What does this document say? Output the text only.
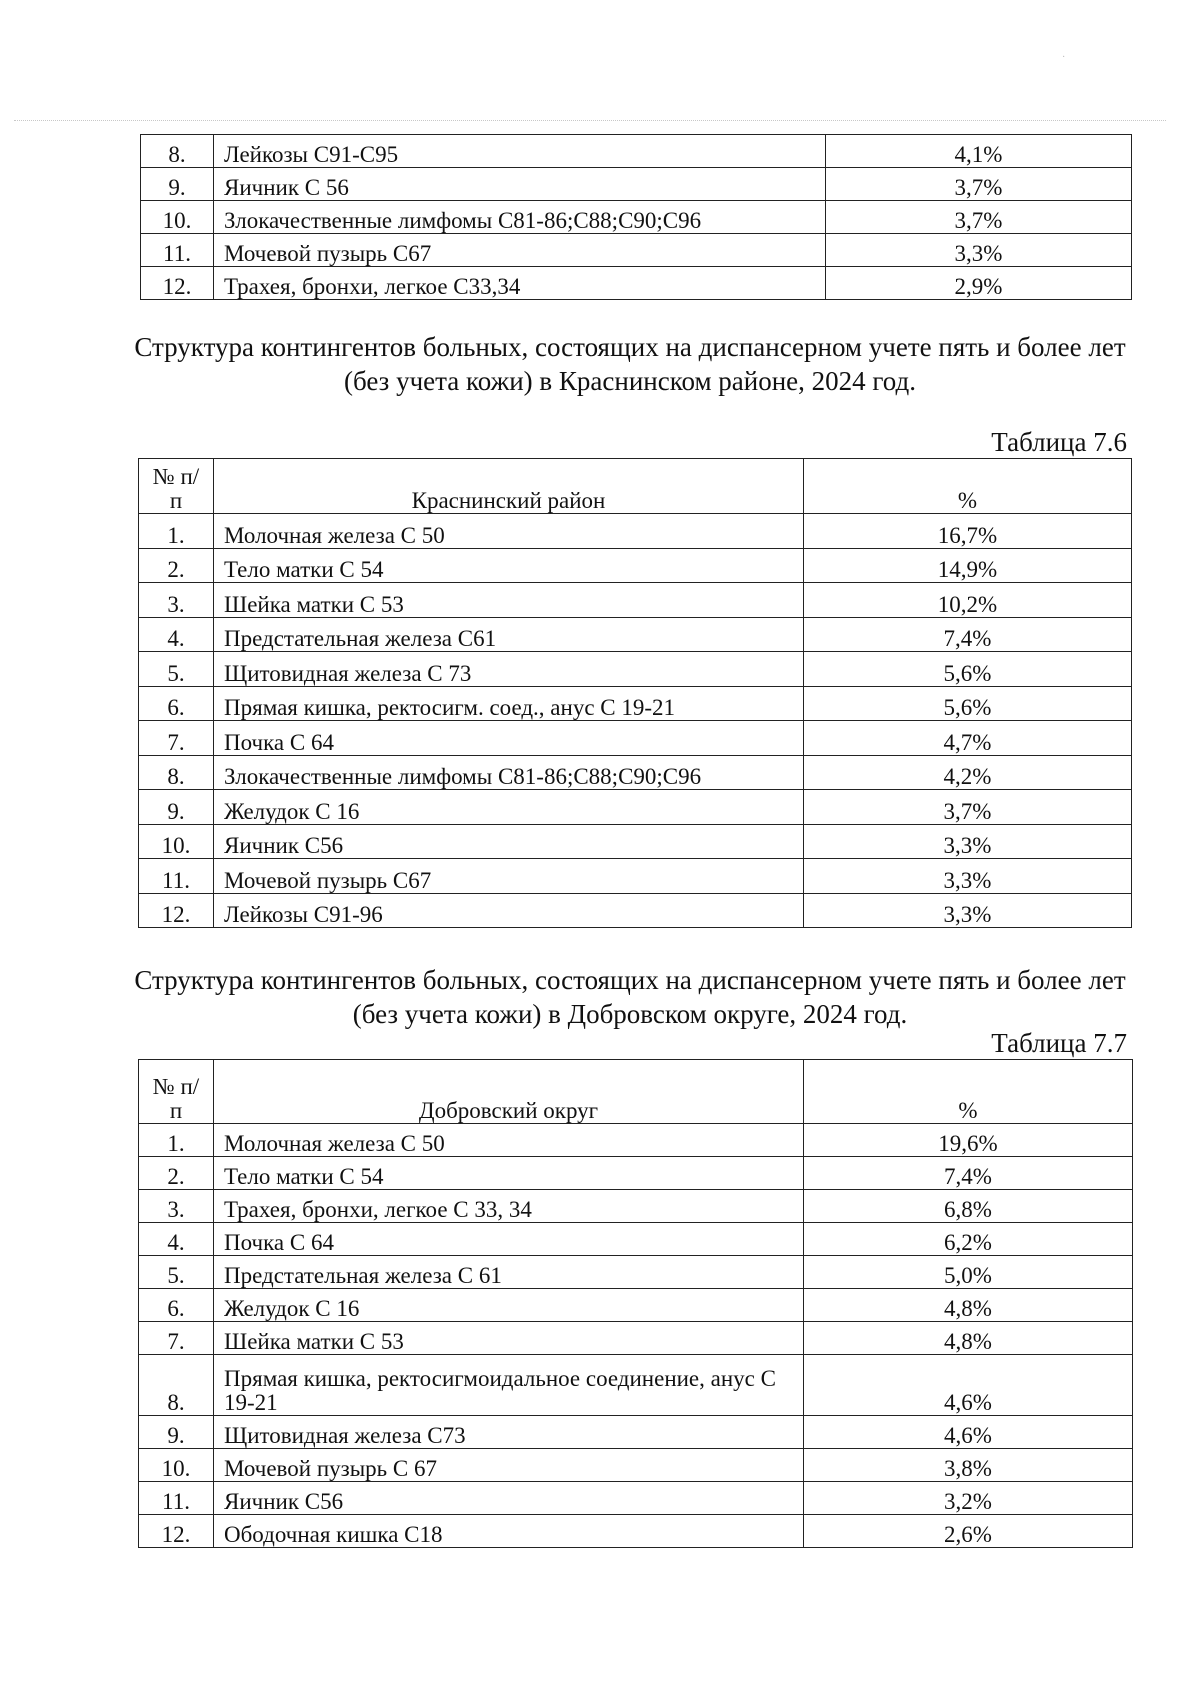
·
8.	Лейкозы С91-С95	4,1%
9.	Яичник С 56	3,7%
10.	Злокачественные лимфомы С81-86;С88;С90;С96	3,7%
11.	Мочевой пузырь С67	3,3%
12.	Трахея, бронхи, легкое С33,34	2,9%
Структура контингентов больных, состоящих на диспансерном учете пять и более лет (без учета кожи) в Краснинском районе, 2024 год.
Таблица 7.6
№ п/п	Краснинский район	%
1.	Молочная железа С 50	16,7%
2.	Тело матки С 54	14,9%
3.	Шейка матки С 53	10,2%
4.	Предстательная железа С61	7,4%
5.	Щитовидная железа С 73	5,6%
6.	Прямая кишка, ректосигм. соед., анус С 19-21	5,6%
7.	Почка С 64	4,7%
8.	Злокачественные лимфомы С81-86;С88;С90;С96	4,2%
9.	Желудок С 16	3,7%
10.	Яичник С56	3,3%
11.	Мочевой пузырь С67	3,3%
12.	Лейкозы С91-96	3,3%
Структура контингентов больных, состоящих на диспансерном учете пять и более лет (без учета кожи) в Добровском округе, 2024 год.
Таблица 7.7
№ п/п	Добровский округ	%
1.	Молочная железа С 50	19,6%
2.	Тело матки С 54	7,4%
3.	Трахея, бронхи, легкое С 33, 34	6,8%
4.	Почка С 64	6,2%
5.	Предстательная железа С 61	5,0%
6.	Желудок С 16	4,8%
7.	Шейка матки С 53	4,8%
8.	Прямая кишка, ректосигмоидальное соединение, анус С 19-21	4,6%
9.	Щитовидная железа С73	4,6%
10.	Мочевой пузырь С 67	3,8%
11.	Яичник С56	3,2%
12.	Ободочная кишка С18	2,6%
